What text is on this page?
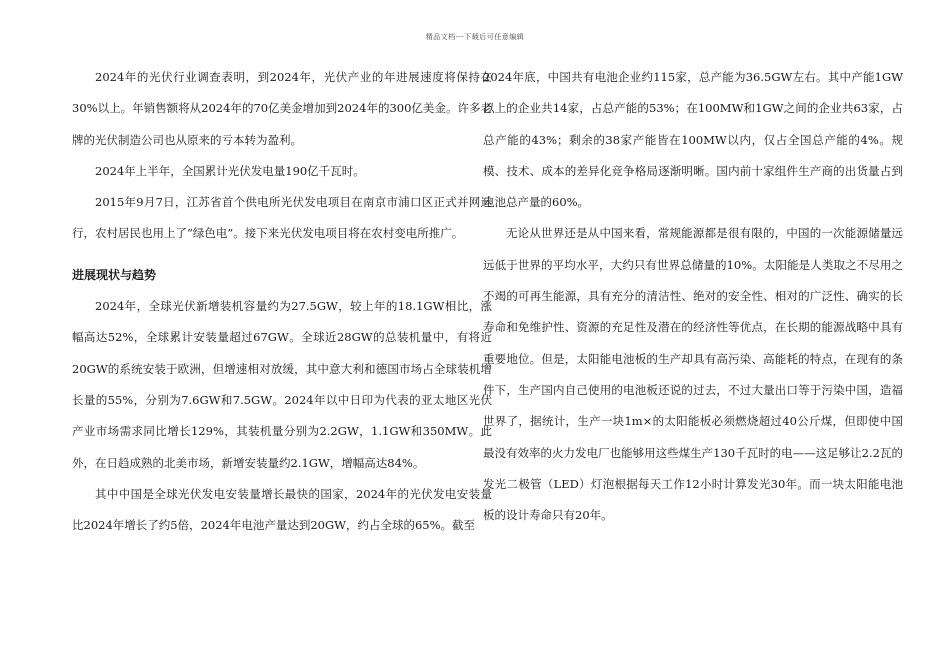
精品文档---下载后可任意编辑

2024年的光伏行业调查表明，到2024年，光伏产业的年进展速度将保持在30%以上。年销售额将从2024年的70亿美金增加到2024年的300亿美金。许多老牌的光伏制造公司也从原来的亏本转为盈利。

2024年上半年，全国累计光伏发电量190亿千瓦时。

2015年9月7日，江苏省首个供电所光伏发电项目在南京市浦口区正式并网运行，农村居民也用上了“绿色电”。接下来光伏发电项目将在农村变电所推广。

进展现状与趋势

2024年，全球光伏新增装机容量约为27.5GW，较上年的18.1GW相比，涨幅高达52%，全球累计安装量超过67GW。全球近28GW的总装机量中，有将近20GW的系统安装于欧洲，但增速相对放缓，其中意大利和德国市场占全球装机增长量的55%，分别为7.6GW和7.5GW。2024年以中日印为代表的亚太地区光伏产业市场需求同比增长129%，其装机量分别为2.2GW，1.1GW和350MW。此外，在日趋成熟的北美市场，新增安装量约2.1GW，增幅高达84%。

其中中国是全球光伏发电安装量增长最快的国家，2024年的光伏发电安装量比2024年增长了约5倍，2024年电池产量达到20GW，约占全球的65%。截至

2024年底，中国共有电池企业约115家，总产能为36.5GW左右。其中产能1GW以上的企业共14家，占总产能的53%；在100MW和1GW之间的企业共63家，占总产能的43%；剩余的38家产能皆在100MW以内，仅占全国总产能的4%。规模、技术、成本的差异化竞争格局逐渐明晰。国内前十家组件生产商的出货量占到电池总产量的60%。

无论从世界还是从中国来看，常规能源都是很有限的，中国的一次能源储量远远低于世界的平均水平，大约只有世界总储量的10%。太阳能是人类取之不尽用之不竭的可再生能源，具有充分的清洁性、绝对的安全性、相对的广泛性、确实的长寿命和免维护性、资源的充足性及潜在的经济性等优点，在长期的能源战略中具有重要地位。但是，太阳能电池板的生产却具有高污染、高能耗的特点，在现有的条件下，生产国内自己使用的电池板还说的过去，不过大量出口等于污染中国，造福世界了，据统计，生产一块1m×的太阳能板必须燃烧超过40公斤煤，但即使中国最没有效率的火力发电厂也能够用这些煤生产130千瓦时的电——这足够让2.2瓦的发光二极管（LED）灯泡根据每天工作12小时计算发光30年。而一块太阳能电池板的设计寿命只有20年。
